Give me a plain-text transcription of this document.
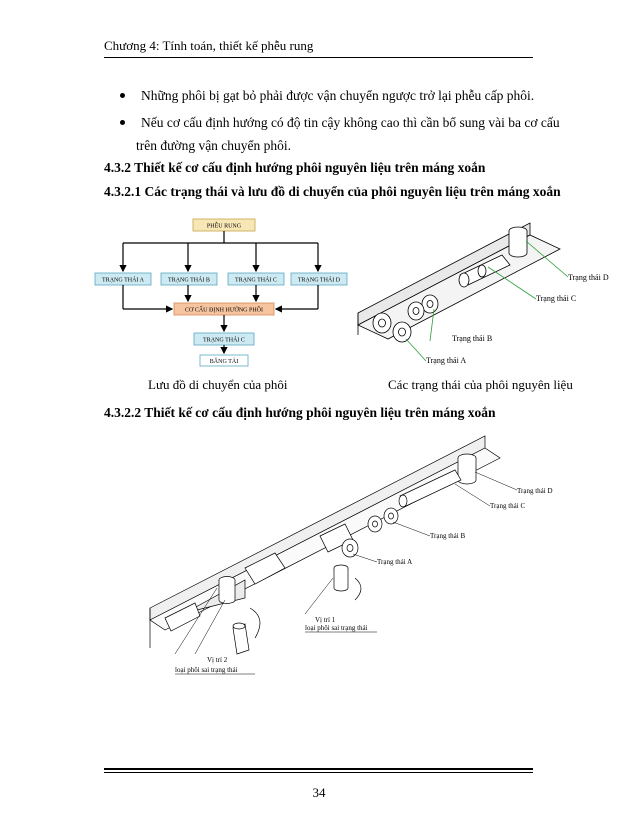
Chương 4: Tính toán, thiết kế phễu rung
Những phôi bị gạt bỏ phải được vận chuyển ngược trở lại phễu cấp phôi.
Nếu cơ cấu định hướng có độ tin cậy không cao thì cần bổ sung vài ba cơ cấu
trên đường vận chuyển phôi.
4.3.2 Thiết kế cơ cấu định hướng phôi nguyên liệu trên máng xoắn
4.3.2.1 Các trạng thái và lưu đồ di chuyển của phôi nguyên liệu trên máng xoắn
PHỄU RUNG
TRẠNG THÁI A	TRẠNG THÁI B	TRẠNG THÁI C	TRẠNG THÁI D
CƠ CẤU ĐỊNH HƯỚNG PHÔI
TRẠNG THÁI C
BĂNG TẢI
Trạng thái D
Trạng thái C
Trạng thái B
Trạng thái A
Lưu đồ di chuyển của phôi	Các trạng thái của phôi nguyên liệu
4.3.2.2 Thiết kế cơ cấu định hướng phôi nguyên liệu trên máng xoắn
Trạng thái D
Trạng thái C
Trạng thái B
Trạng thái A
Vị trí 1
loại phôi sai trạng thái
Vị trí 2
loại phôi sai trạng thái
34
